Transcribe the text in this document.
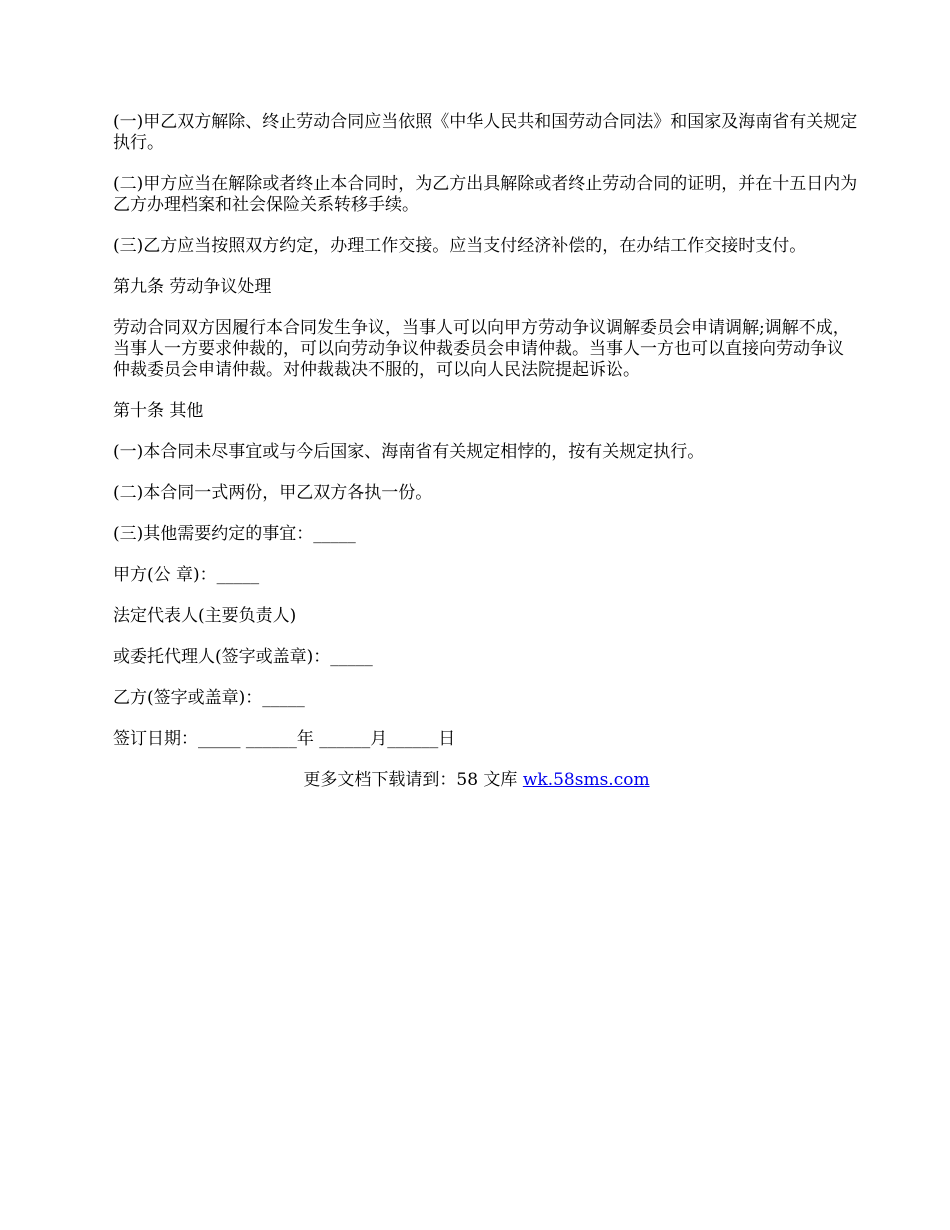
(一)甲乙双方解除、终止劳动合同应当依照《中华人民共和国劳动合同法》和国家及海南省有关规定执行。

(二)甲方应当在解除或者终止本合同时，为乙方出具解除或者终止劳动合同的证明，并在十五日内为乙方办理档案和社会保险关系转移手续。

(三)乙方应当按照双方约定，办理工作交接。应当支付经济补偿的，在办结工作交接时支付。

第九条 劳动争议处理

劳动合同双方因履行本合同发生争议，当事人可以向甲方劳动争议调解委员会申请调解;调解不成，当事人一方要求仲裁的，可以向劳动争议仲裁委员会申请仲裁。当事人一方也可以直接向劳动争议仲裁委员会申请仲裁。对仲裁裁决不服的，可以向人民法院提起诉讼。

第十条 其他

(一)本合同未尽事宜或与今后国家、海南省有关规定相悖的，按有关规定执行。

(二)本合同一式两份，甲乙双方各执一份。

(三)其他需要约定的事宜：_____

甲方(公 章)：_____

法定代表人(主要负责人)

或委托代理人(签字或盖章)：_____

乙方(签字或盖章)：_____

签订日期：_____ ______年 ______月______日

更多文档下载请到：58 文库 wk.58sms.com
